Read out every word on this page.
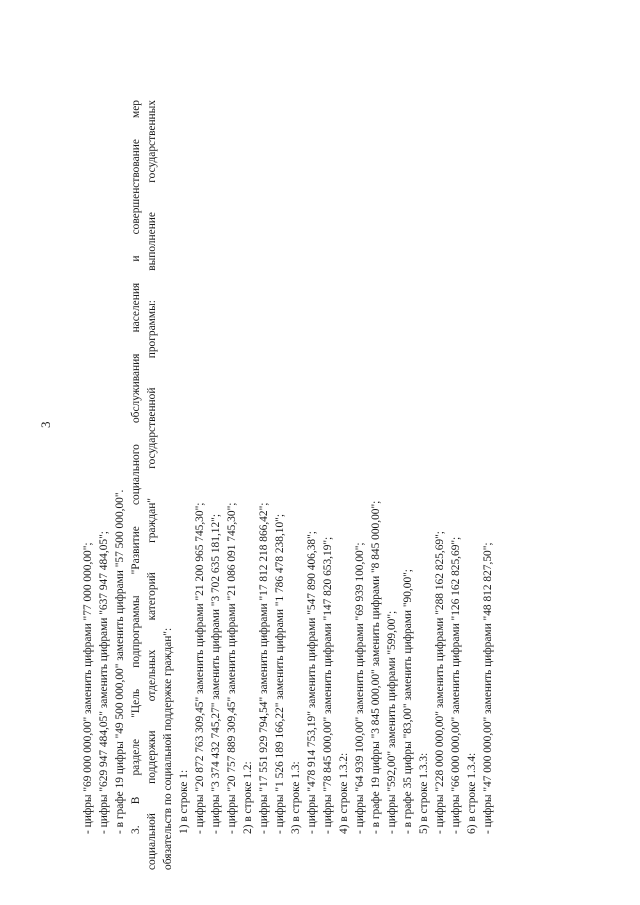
3
- цифры "69 000 000,00" заменить цифрами "77 000 000,00"; - цифры "629 947 484,05" заменить цифрами "637 947 484,05"; - в графе 19 цифры "49 500 000,00" заменить цифрами "57 500 000,00". 3. В разделе "Цель подпрограммы "Развитие социального обслуживания населения и совершенствование мер социальной поддержки отдельных категорий граждан" государственной программы: выполнение государственных обязательств по социальной поддержке граждан": 1) в строке 1: - цифры "20 872 763 309,45" заменить цифрами "21 200 965 745,30"; - цифры "3 374 432 745,27" заменить цифрами "3 702 635 181,12"; - цифры "20 757 889 309,45" заменить цифрами "21 086 091 745,30"; 2) в строке 1.2: - цифры "17 551 929 794,54" заменить цифрами "17 812 218 866,42"; - цифры "1 526 189 166,22" заменить цифрами "1 786 478 238,10"; 3) в строке 1.3: - цифры "478 914 753,19" заменить цифрами "547 890 406,38"; - цифры "78 845 000,00" заменить цифрами "147 820 653,19"; 4) в строке 1.3.2: - цифры "64 939 100,00" заменить цифрами "69 939 100,00"; - в графе 19 цифры "3 845 000,00" заменить цифрами "8 845 000,00"; - цифры "592,00" заменить цифрами "599,00"; - в графе 35 цифры "83,00" заменить цифрами "90,00"; 5) в строке 1.3.3: - цифры "228 000 000,00" заменить цифрами "288 162 825,69"; - цифры "66 000 000,00" заменить цифрами "126 162 825,69"; 6) в строке 1.3.4: - цифры "47 000 000,00" заменить цифрами "48 812 827,50";
